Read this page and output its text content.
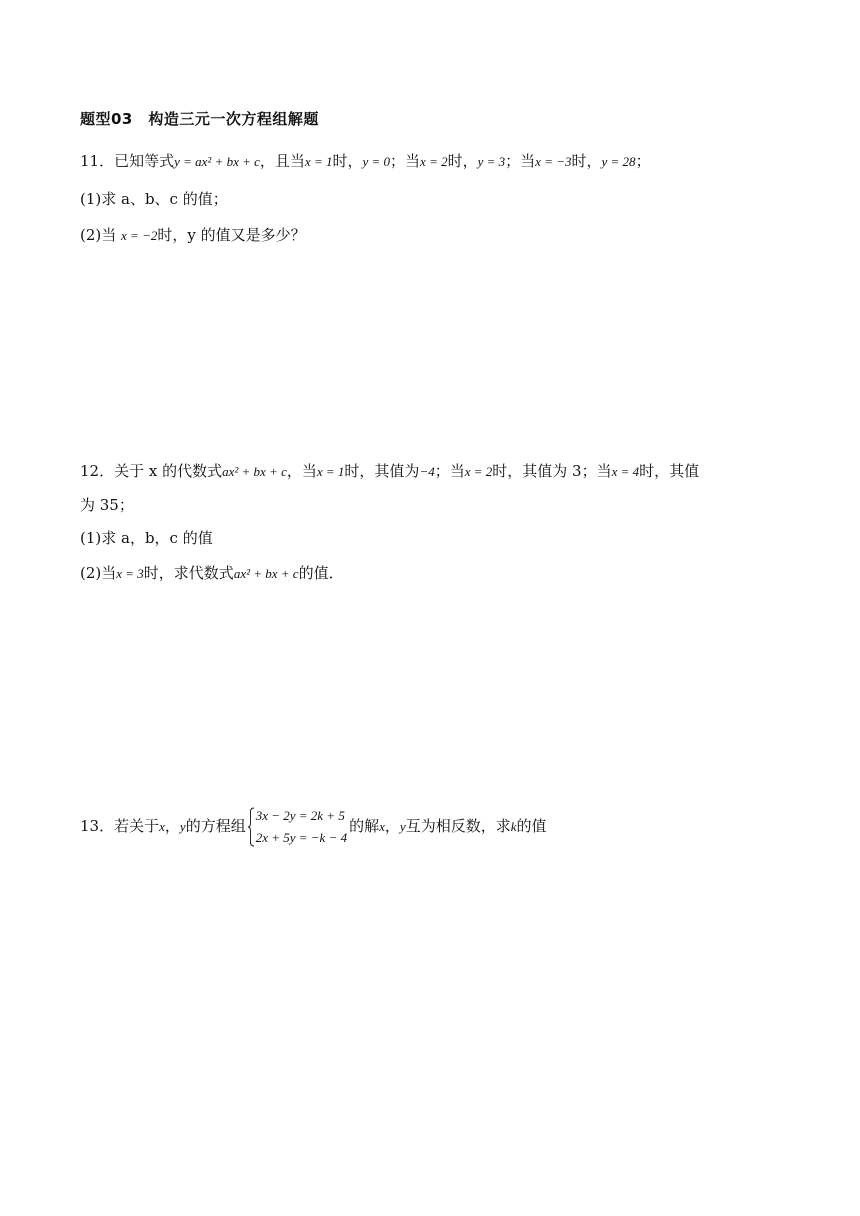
题型03　构造三元一次方程组解题
11．已知等式y = ax² + bx + c，且当x = 1时，y = 0；当x = 2时，y = 3；当x = −3时，y = 28；
(1)求 a、b、c 的值；
(2)当 x = −2时，y 的值又是多少？
12．关于 x 的代数式ax² + bx + c，当x = 1时，其值为−4；当x = 2时，其值为 3；当x = 4时，其值
为 35；
(1)求 a，b，c 的值
(2)当x = 3时，求代数式ax² + bx + c的值．
13．若关于x，y的方程组
3x − 2y = 2k + 5
2x + 5y = −k − 4
的解x，y互为相反数，求k的值
